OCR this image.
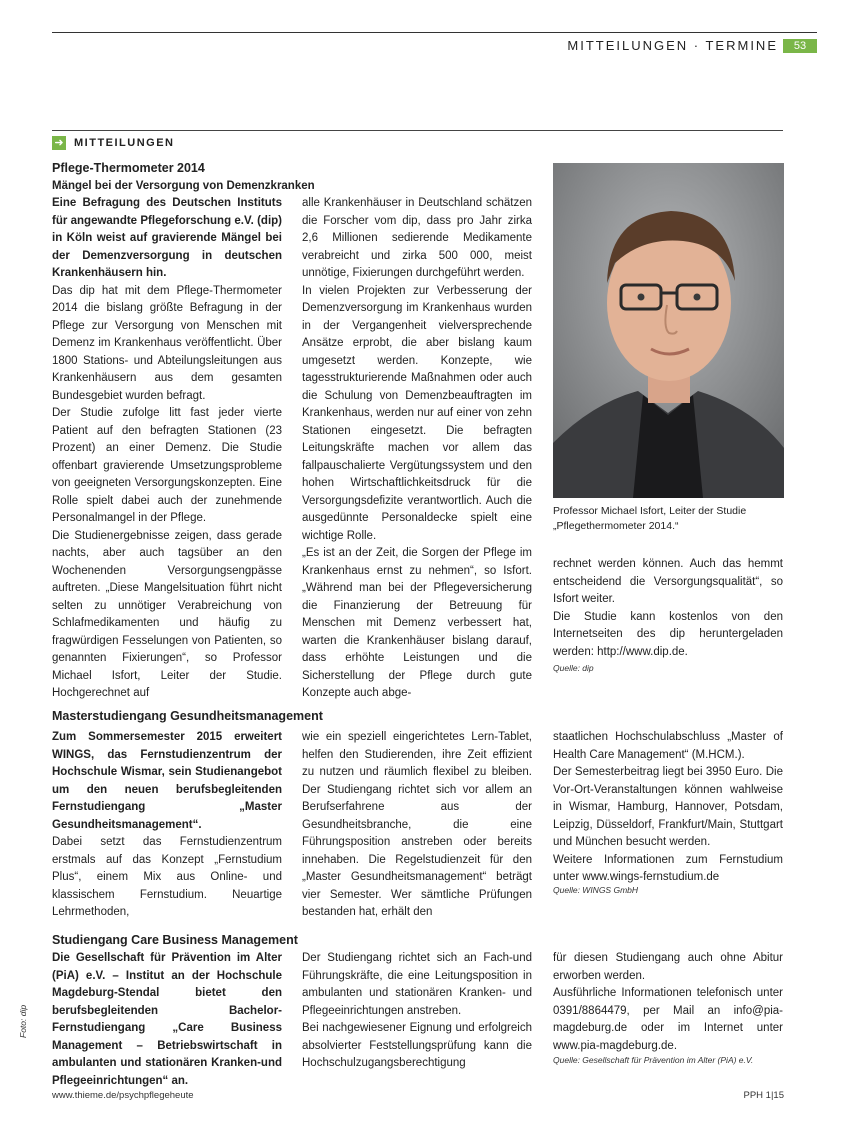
MITTEILUNGEN · TERMINE	53
➜ MITTEILUNGEN
Pflege-Thermometer 2014
Mängel bei der Versorgung von Demenzkranken

Eine Befragung des Deutschen Instituts für angewandte Pflegeforschung e.V. (dip) in Köln weist auf gravierende Mängel bei der Demenzversorgung in deutschen Krankenhäusern hin.

Das dip hat mit dem Pflege-Thermometer 2014 die bislang größte Befragung in der Pflege zur Versorgung von Menschen mit Demenz im Krankenhaus veröffentlicht. Über 1800 Stations- und Abteilungsleitungen aus Krankenhäusern aus dem gesamten Bundesgebiet wurden befragt.

Der Studie zufolge litt fast jeder vierte Patient auf den befragten Stationen (23 Prozent) an einer Demenz. Die Studie offenbart gravierende Umsetzungsprobleme von geeigneten Versorgungskonzepten. Eine Rolle spielt dabei auch der zunehmende Personalmangel in der Pflege.

Die Studienergebnisse zeigen, dass gerade nachts, aber auch tagsüber an den Wochenenden Versorgungsengpässe auftreten. „Diese Mangelsituation führt nicht selten zu unnötiger Verabreichung von Schlafmedikamenten und häufig zu fragwürdigen Fesselungen von Patienten, so genannten Fixierungen“, so Professor Michael Isfort, Leiter der Studie. Hochgerechnet auf

alle Krankenhäuser in Deutschland schätzen die Forscher vom dip, dass pro Jahr zirka 2,6 Millionen sedierende Medikamente verabreicht und zirka 500 000, meist unnötige, Fixierungen durchgeführt werden.

In vielen Projekten zur Verbesserung der Demenzversorgung im Krankenhaus wurden in der Vergangenheit vielversprechende Ansätze erprobt, die aber bislang kaum umgesetzt werden. Konzepte, wie tagesstrukturierende Maßnahmen oder auch die Schulung von Demenzbeauftragten im Krankenhaus, werden nur auf einer von zehn Stationen eingesetzt. Die befragten Leitungskräfte machen vor allem das fallpauschalierte Vergütungssystem und den hohen Wirtschaftlichkeitsdruck für die Versorgungsdefizite verantwortlich. Auch die ausgedünnte Personaldecke spielt eine wichtige Rolle.

„Es ist an der Zeit, die Sorgen der Pflege im Krankenhaus ernst zu nehmen“, so Isfort. „Während man bei der Pflegeversicherung die Finanzierung der Betreuung für Menschen mit Demenz verbessert hat, warten die Krankenhäuser bislang darauf, dass erhöhte Leistungen und die Sicherstellung der Pflege durch gute Konzepte auch abge-

Professor Michael Isfort, Leiter der Studie „Pflegethermometer 2014.“

rechnet werden können. Auch das hemmt entscheidend die Versorgungsqualität“, so Isfort weiter.

Die Studie kann kostenlos von den Internetseiten des dip heruntergeladen werden: http://www.dip.de.

Quelle: dip
Masterstudiengang Gesundheitsmanagement

Zum Sommersemester 2015 erweitert WINGS, das Fernstudienzentrum der Hochschule Wismar, sein Studienangebot um den neuen berufsbegleitenden Fernstudiengang „Master Gesundheitsmanagement“.

Dabei setzt das Fernstudienzentrum erstmals auf das Konzept „Fernstudium Plus“, einem Mix aus Online- und klassischem Fernstudium. Neuartige Lehrmethoden,

wie ein speziell eingerichtetes Lern-Tablet, helfen den Studierenden, ihre Zeit effizient zu nutzen und räumlich flexibel zu bleiben. Der Studiengang richtet sich vor allem an Berufserfahrene aus der Gesundheitsbranche, die eine Führungsposition anstreben oder bereits innehaben. Die Regelstudienzeit für den „Master Gesundheitsmanagement“ beträgt vier Semester. Wer sämtliche Prüfungen bestanden hat, erhält den

staatlichen Hochschulabschluss „Master of Health Care Management“ (M.HCM.).

Der Semesterbeitrag liegt bei 3950 Euro. Die Vor-Ort-Veranstaltungen können wahlweise in Wismar, Hamburg, Hannover, Potsdam, Leipzig, Düsseldorf, Frankfurt/Main, Stuttgart und München besucht werden.

Weitere Informationen zum Fernstudium unter www.wings-fernstudium.de

Quelle: WINGS GmbH
Studiengang Care Business Management

Die Gesellschaft für Prävention im Alter (PiA) e.V. – Institut an der Hochschule Magdeburg-Stendal bietet den berufsbegleitenden Bachelor-Fernstudiengang „Care Business Management – Betriebswirtschaft in ambulanten und stationären Kranken-und Pflegeeinrichtungen“ an.

Der Studiengang richtet sich an Fach-und Führungskräfte, die eine Leitungsposition in ambulanten und stationären Kranken- und Pflegeeinrichtungen anstreben.

Bei nachgewiesener Eignung und erfolgreich absolvierter Feststellungsprüfung kann die Hochschulzugangsberechtigung

für diesen Studiengang auch ohne Abitur erworben werden.

Ausführliche Informationen telefonisch unter 0391/8864479, per Mail an info@pia-magdeburg.de oder im Internet unter www.pia-magdeburg.de.

Quelle: Gesellschaft für Prävention im Alter (PiA) e.V.
Foto: dip
www.thieme.de/psychpflegeheute	PPH 1|15
